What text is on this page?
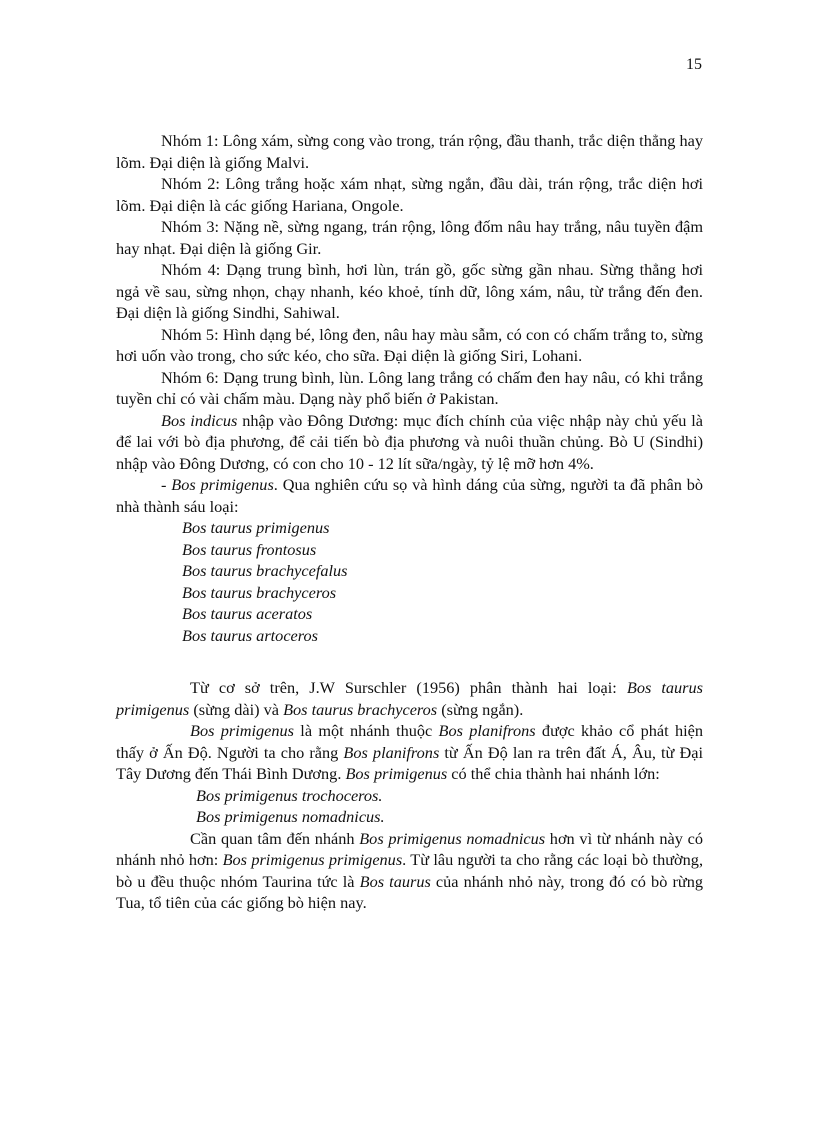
15

Nhóm 1: Lông xám, sừng cong vào trong, trán rộng, đầu thanh, trắc diện thẳng hay lõm. Đại diện là giống Malvi.

Nhóm 2: Lông trắng hoặc xám nhạt, sừng ngắn, đầu dài, trán rộng, trắc diện hơi lõm. Đại diện là các giống Hariana, Ongole.

Nhóm 3: Nặng nề, sừng ngang, trán rộng, lông đốm nâu hay trắng, nâu tuyền đậm hay nhạt. Đại diện là giống Gir.

Nhóm 4: Dạng trung bình, hơi lùn, trán gồ, gốc sừng gần nhau. Sừng thẳng hơi ngả về sau, sừng nhọn, chạy nhanh, kéo khoẻ, tính dữ, lông xám, nâu, từ trắng đến đen. Đại diện là giống Sindhi, Sahiwal.

Nhóm 5: Hình dạng bé, lông đen, nâu hay màu sẫm, có con có chấm trắng to, sừng hơi uốn vào trong, cho sức kéo, cho sữa. Đại diện là giống Siri, Lohani.

Nhóm 6: Dạng trung bình, lùn. Lông lang trắng có chấm đen hay nâu, có khi trắng tuyền chỉ có vài chấm màu. Dạng này phổ biến ở Pakistan.

Bos indicus nhập vào Đông Dương: mục đích chính của việc nhập này chủ yếu là để lai với bò địa phương, để cải tiến bò địa phương và nuôi thuần chủng. Bò U (Sindhi) nhập vào Đông Dương, có con cho 10 - 12 lít sữa/ngày, tỷ lệ mỡ hơn 4%.

- Bos primigenus. Qua nghiên cứu sọ và hình dáng của sừng, người ta đã phân bò nhà thành sáu loại:

Bos taurus primigenus
Bos taurus frontosus
Bos taurus brachycefalus
Bos taurus brachyceros
Bos taurus aceratos
Bos taurus artoceros

Từ cơ sở trên, J.W Surschler (1956) phân thành hai loại: Bos taurus primigenus (sừng dài) và Bos taurus brachyceros (sừng ngắn).

Bos primigenus là một nhánh thuộc Bos planifrons được khảo cổ phát hiện thấy ở Ấn Độ. Người ta cho rằng Bos planifrons từ Ấn Độ lan ra trên đất Á, Âu, từ Đại Tây Dương đến Thái Bình Dương. Bos primigenus có thể chia thành hai nhánh lớn:

Bos primigenus trochoceros.
Bos primigenus nomadnicus.

Cần quan tâm đến nhánh Bos primigenus nomadnicus hơn vì từ nhánh này có nhánh nhỏ hơn: Bos primigenus primigenus. Từ lâu người ta cho rằng các loại bò thường, bò u đều thuộc nhóm Taurina tức là Bos taurus của nhánh nhỏ này, trong đó có bò rừng Tua, tổ tiên của các giống bò hiện nay.
